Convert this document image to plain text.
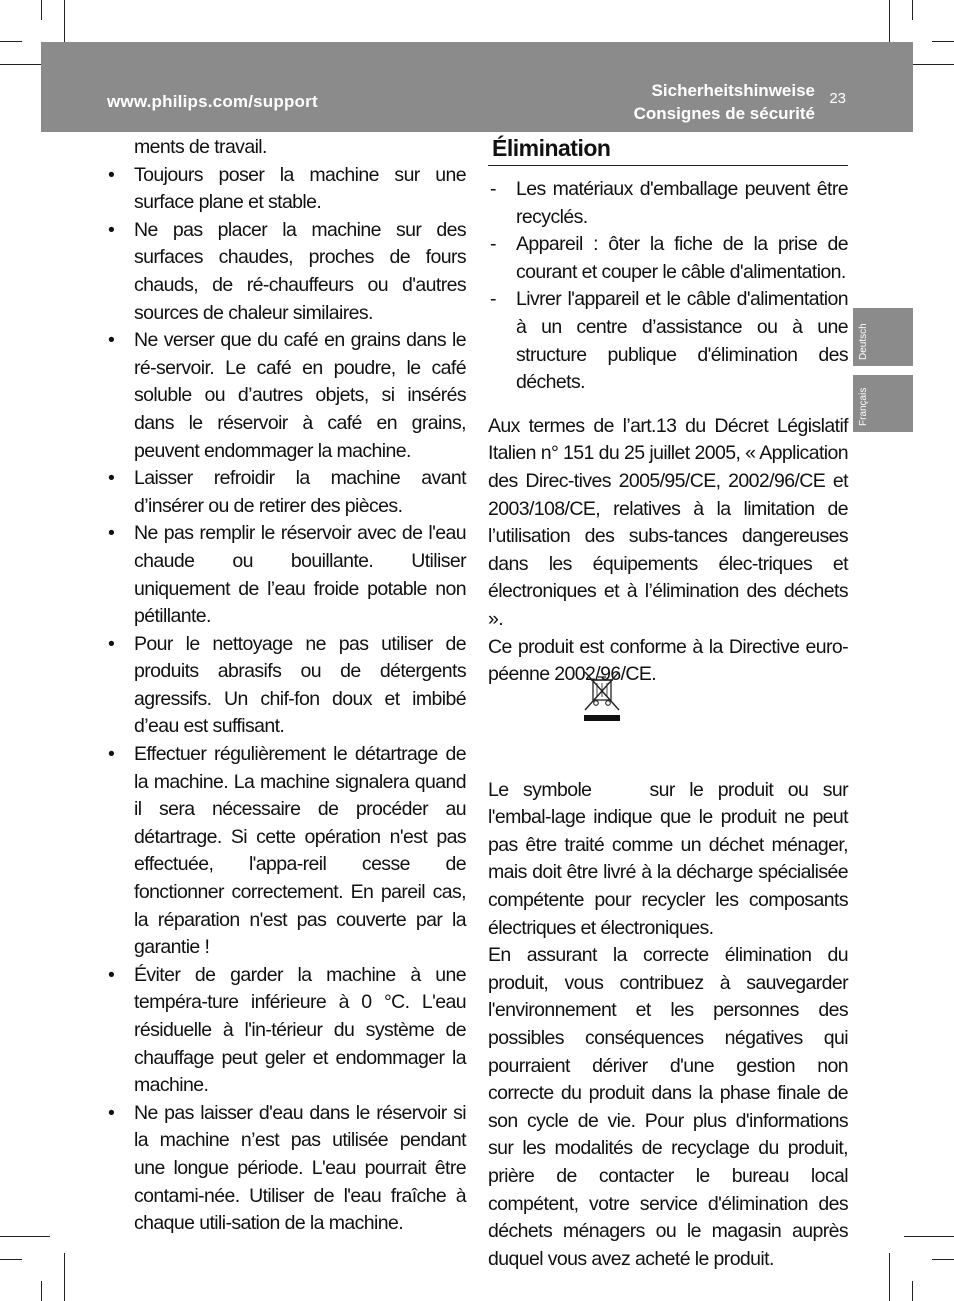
www.philips.com/support
Sicherheitshinweise
Consignes de sécurité
23
Deutsch
Français

ments de travail.

• Toujours poser la machine sur une surface plane et stable.
• Ne pas placer la machine sur des surfaces chaudes, proches de fours chauds, de ré-chauffeurs ou d'autres sources de chaleur similaires.
• Ne verser que du café en grains dans le ré-servoir. Le café en poudre, le café soluble ou d’autres objets, si insérés dans le réservoir à café en grains, peuvent endommager la machine.
• Laisser refroidir la machine avant d’insérer ou de retirer des pièces.
• Ne pas remplir le réservoir avec de l'eau chaude ou bouillante. Utiliser uniquement de l’eau froide potable non pétillante.
• Pour le nettoyage ne pas utiliser de produits abrasifs ou de détergents agressifs. Un chif-fon doux et imbibé d’eau est suffisant.
• Effectuer régulièrement le détartrage de la machine. La machine signalera quand il sera nécessaire de procéder au détartrage. Si cette opération n'est pas effectuée, l'appa-reil cesse de fonctionner correctement. En pareil cas, la réparation n'est pas couverte par la garantie !
• Éviter de garder la machine à une tempéra-ture inférieure à 0 °C. L'eau résiduelle à l'in-térieur du système de chauffage peut geler et endommager la machine.
• Ne pas laisser d'eau dans le réservoir si la machine n’est pas utilisée pendant une longue période. L'eau pourrait être contami-née. Utiliser de l'eau fraîche à chaque utili-sation de la machine.
Élimination
- Les matériaux d'emballage peuvent être recyclés.
- Appareil : ôter la fiche de la prise de courant et couper le câble d'alimentation.
- Livrer l'appareil et le câble d'alimentation à un centre d’assistance ou à une structure publique d'élimination des déchets.

Aux termes de l’art.13 du Décret Législatif Italien n° 151 du 25 juillet 2005, « Application des Direc-tives 2005/95/CE, 2002/96/CE et 2003/108/CE, relatives à la limitation de l’utilisation des subs-tances dangereuses dans les équipements élec-triques et électroniques et à l’élimination des déchets ».

Ce produit est conforme à la Directive euro-péenne 2002/96/CE.

Le symbole	sur le produit ou sur l'embal-lage indique que le produit ne peut pas être traité comme un déchet ménager, mais doit être livré à la décharge spécialisée compétente pour recycler les composants électriques et électroniques.

En assurant la correcte élimination du produit, vous contribuez à sauvegarder l'environnement et les personnes des possibles conséquences négatives qui pourraient dériver d'une gestion non correcte du produit dans la phase finale de son cycle de vie. Pour plus d'informations sur les modalités de recyclage du produit, prière de contacter le bureau local compétent, votre service d'élimination des déchets ménagers ou le magasin auprès duquel vous avez acheté le produit.
